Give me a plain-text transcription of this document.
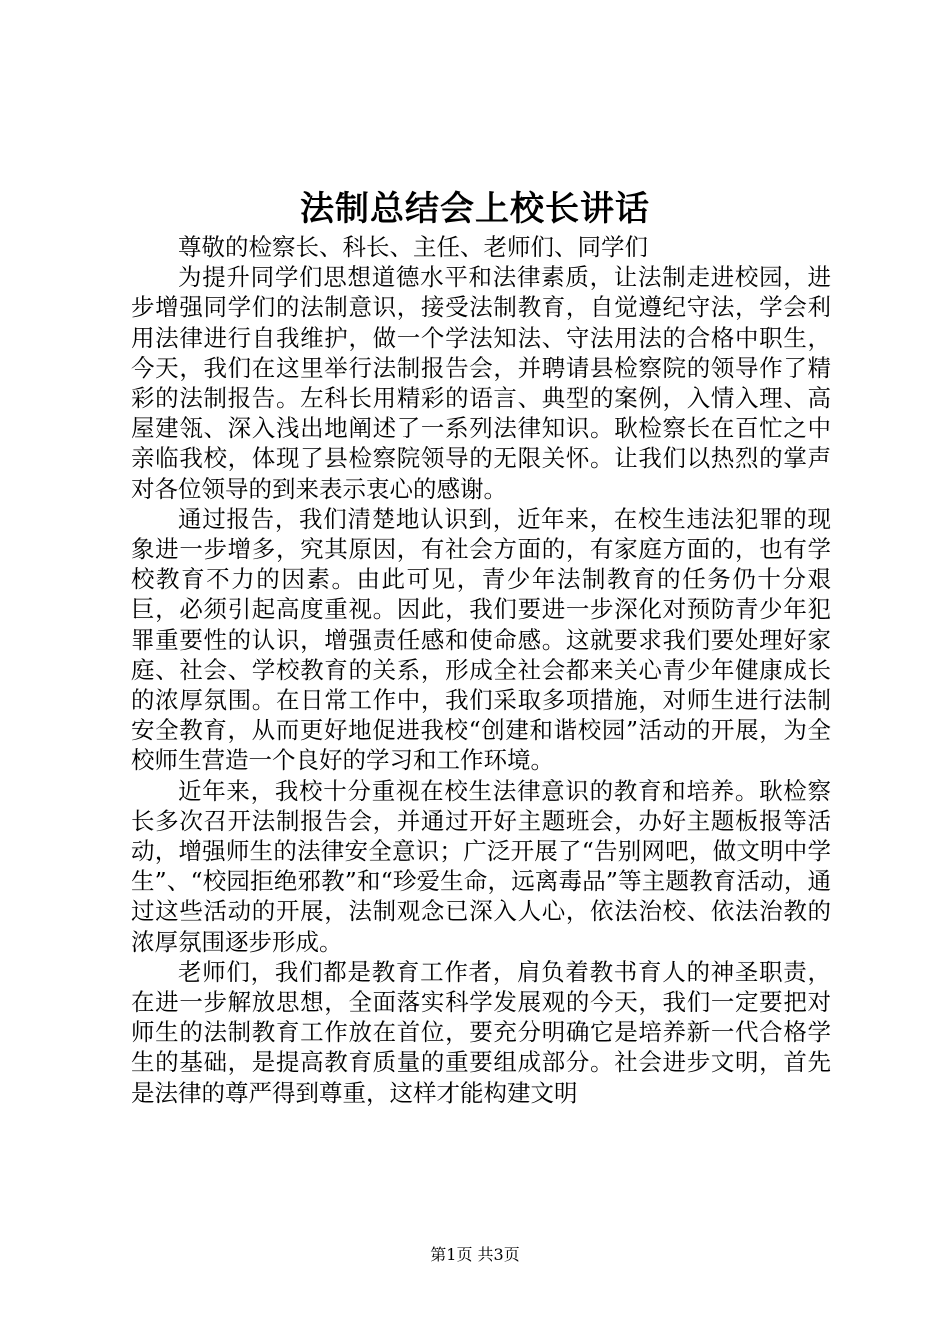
法制总结会上校长讲话

尊敬的检察长、科长、主任、老师们、同学们

为提升同学们思想道德水平和法律素质，让法制走进校园，进步增强同学们的法制意识，接受法制教育，自觉遵纪守法，学会利用法律进行自我维护，做一个学法知法、守法用法的合格中职生，今天，我们在这里举行法制报告会，并聘请县检察院的领导作了精彩的法制报告。左科长用精彩的语言、典型的案例，入情入理、高屋建瓴、深入浅出地阐述了一系列法律知识。耿检察长在百忙之中亲临我校，体现了县检察院领导的无限关怀。让我们以热烈的掌声对各位领导的到来表示衷心的感谢。

通过报告，我们清楚地认识到，近年来，在校生违法犯罪的现象进一步增多，究其原因，有社会方面的，有家庭方面的，也有学校教育不力的因素。由此可见，青少年法制教育的任务仍十分艰巨，必须引起高度重视。因此，我们要进一步深化对预防青少年犯罪重要性的认识，增强责任感和使命感。这就要求我们要处理好家庭、社会、学校教育的关系，形成全社会都来关心青少年健康成长的浓厚氛围。在日常工作中，我们采取多项措施，对师生进行法制安全教育，从而更好地促进我校“创建和谐校园”活动的开展，为全校师生营造一个良好的学习和工作环境。

近年来，我校十分重视在校生法律意识的教育和培养。耿检察长多次召开法制报告会，并通过开好主题班会，办好主题板报等活动，增强师生的法律安全意识；广泛开展了“告别网吧，做文明中学生”、“校园拒绝邪教”和“珍爱生命，远离毒品”等主题教育活动，通过这些活动的开展，法制观念已深入人心，依法治校、依法治教的浓厚氛围逐步形成。

老师们，我们都是教育工作者，肩负着教书育人的神圣职责，在进一步解放思想，全面落实科学发展观的今天，我们一定要把对师生的法制教育工作放在首位，要充分明确它是培养新一代合格学生的基础，是提高教育质量的重要组成部分。社会进步文明，首先是法律的尊严得到尊重，这样才能构建文明

第1页 共3页
